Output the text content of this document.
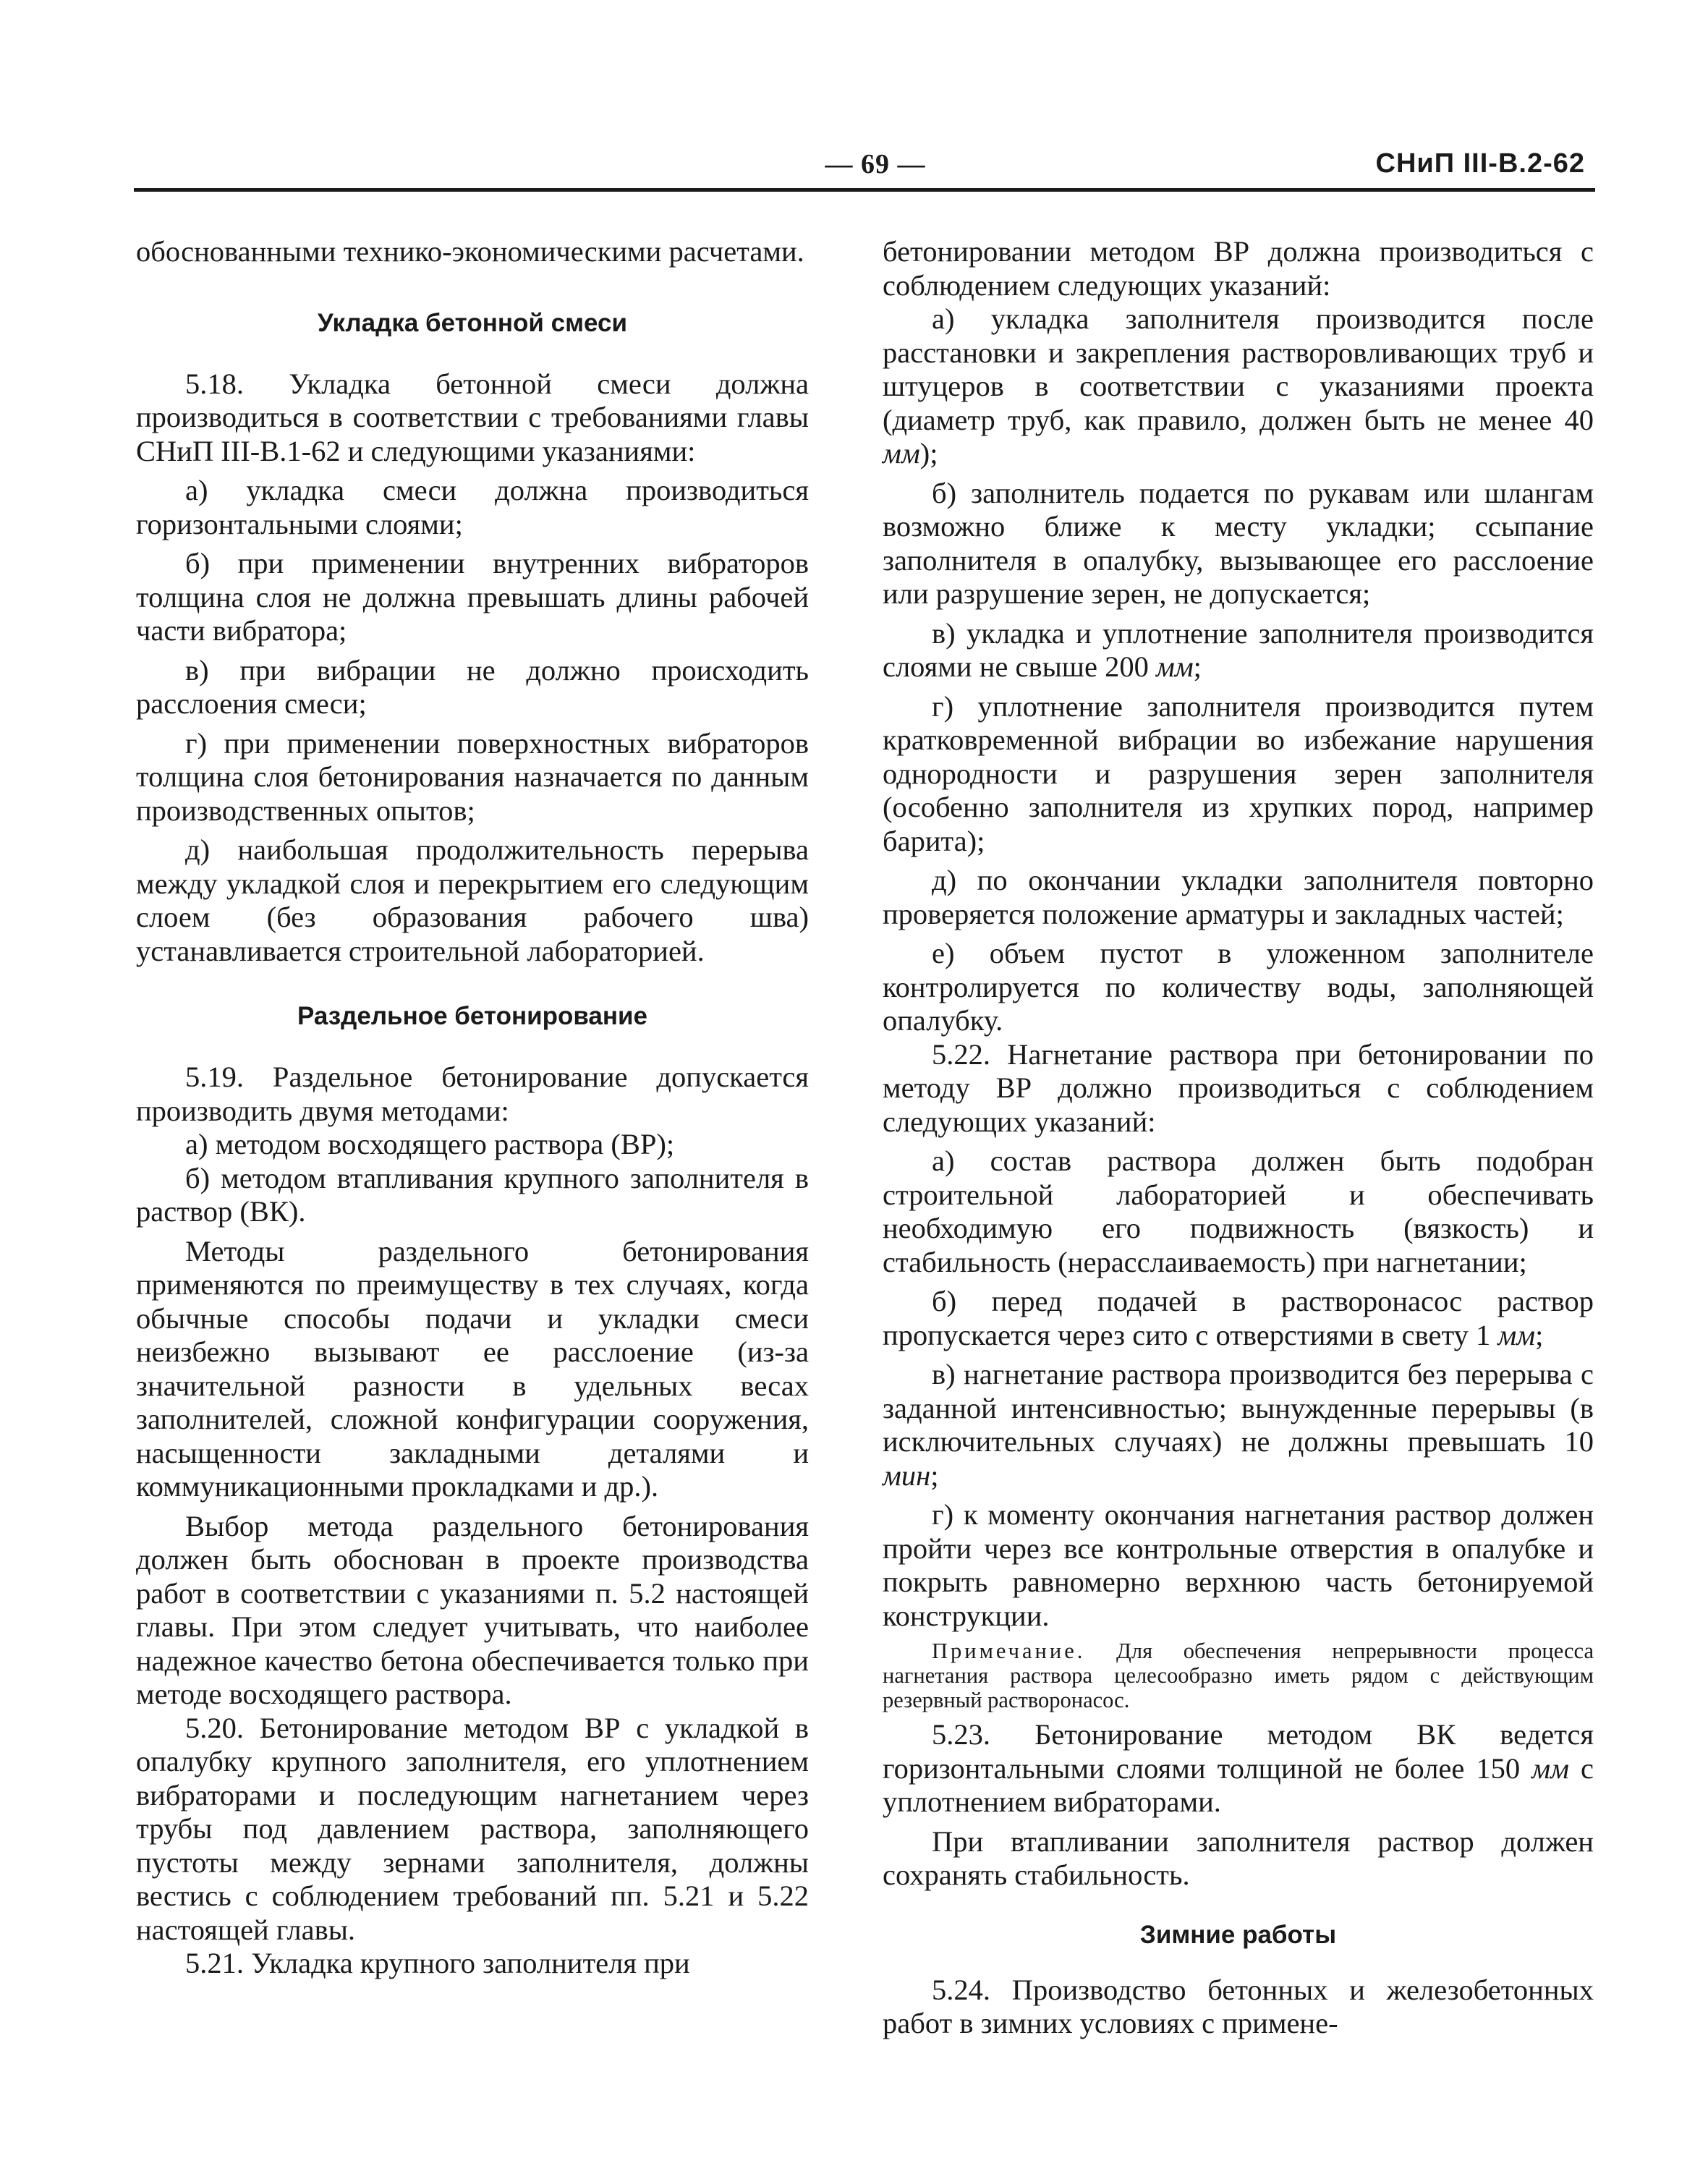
— 69 —	СНиП III-В.2-62

обоснованными технико-экономическими расчетами.

Укладка бетонной смеси

5.18. Укладка бетонной смеси должна производиться в соответствии с требованиями главы СНиП III-В.1-62 и следующими указаниями:

а) укладка смеси должна производиться горизонтальными слоями;

б) при применении внутренних вибраторов толщина слоя не должна превышать длины рабочей части вибратора;

в) при вибрации не должно происходить расслоения смеси;

г) при применении поверхностных вибраторов толщина слоя бетонирования назначается по данным производственных опытов;

д) наибольшая продолжительность перерыва между укладкой слоя и перекрытием его следующим слоем (без образования рабочего шва) устанавливается строительной лабораторией.

Раздельное бетонирование

5.19. Раздельное бетонирование допускается производить двумя методами:

а) методом восходящего раствора (ВР);

б) методом втапливания крупного заполнителя в раствор (ВК).

Методы раздельного бетонирования применяются по преимуществу в тех случаях, когда обычные способы подачи и укладки смеси неизбежно вызывают ее расслоение (из-за значительной разности в удельных весах заполнителей, сложной конфигурации сооружения, насыщенности закладными деталями и коммуникационными прокладками и др.).

Выбор метода раздельного бетонирования должен быть обоснован в проекте производства работ в соответствии с указаниями п. 5.2 настоящей главы. При этом следует учитывать, что наиболее надежное качество бетона обеспечивается только при методе восходящего раствора.

5.20. Бетонирование методом ВР с укладкой в опалубку крупного заполнителя, его уплотнением вибраторами и последующим нагнетанием через трубы под давлением раствора, заполняющего пустоты между зернами заполнителя, должны вестись с соблюдением требований пп. 5.21 и 5.22 настоящей главы.

5.21. Укладка крупного заполнителя при

бетонировании методом ВР должна производиться с соблюдением следующих указаний:

а) укладка заполнителя производится после расстановки и закрепления растворовливающих труб и штуцеров в соответствии с указаниями проекта (диаметр труб, как правило, должен быть не менее 40 мм);

б) заполнитель подается по рукавам или шлангам возможно ближе к месту укладки; ссыпание заполнителя в опалубку, вызывающее его расслоение или разрушение зерен, не допускается;

в) укладка и уплотнение заполнителя производится слоями не свыше 200 мм;

г) уплотнение заполнителя производится путем кратковременной вибрации во избежание нарушения однородности и разрушения зерен заполнителя (особенно заполнителя из хрупких пород, например барита);

д) по окончании укладки заполнителя повторно проверяется положение арматуры и закладных частей;

е) объем пустот в уложенном заполнителе контролируется по количеству воды, заполняющей опалубку.

5.22. Нагнетание раствора при бетонировании по методу ВР должно производиться с соблюдением следующих указаний:

а) состав раствора должен быть подобран строительной лабораторией и обеспечивать необходимую его подвижность (вязкость) и стабильность (нерасслаиваемость) при нагнетании;

б) перед подачей в растворонасос раствор пропускается через сито с отверстиями в свету 1 мм;

в) нагнетание раствора производится без перерыва с заданной интенсивностью; вынужденные перерывы (в исключительных случаях) не должны превышать 10 мин;

г) к моменту окончания нагнетания раствор должен пройти через все контрольные отверстия в опалубке и покрыть равномерно верхнюю часть бетонируемой конструкции.

Примечание. Для обеспечения непрерывности процесса нагнетания раствора целесообразно иметь рядом с действующим резервный растворонасос.

5.23. Бетонирование методом ВК ведется горизонтальными слоями толщиной не более 150 мм с уплотнением вибраторами.

При втапливании заполнителя раствор должен сохранять стабильность.

Зимние работы

5.24. Производство бетонных и железобетонных работ в зимних условиях с примене-
